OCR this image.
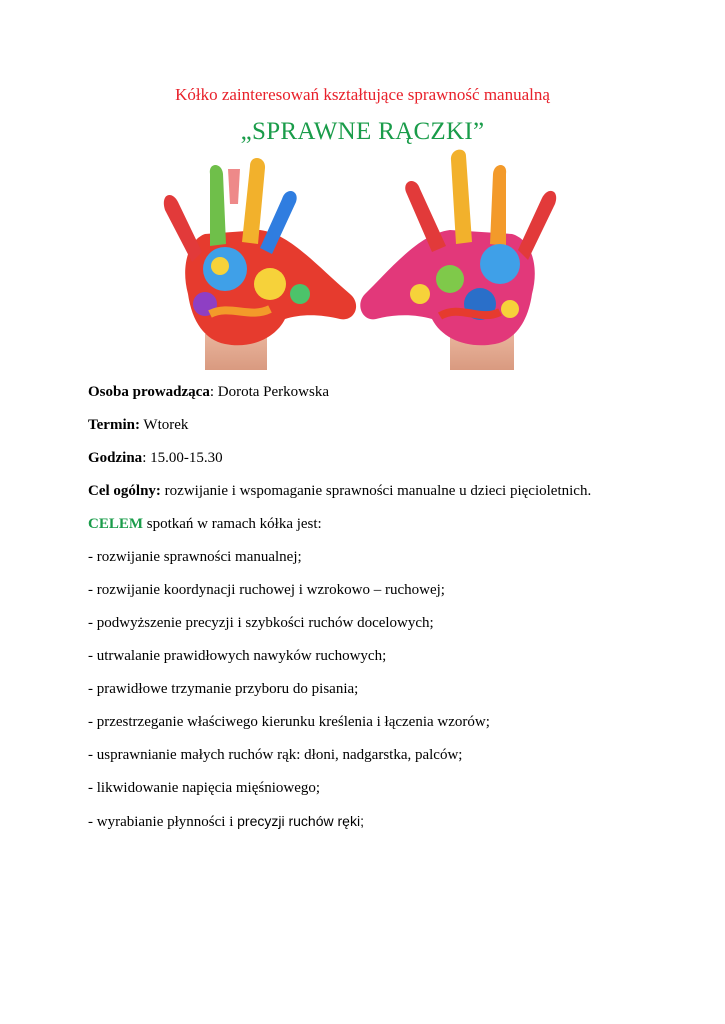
Kółko zainteresowań kształtujące sprawność manualną
„SPRAWNE RĄCZKI”
Osoba prowadząca: Dorota Perkowska
Termin: Wtorek
Godzina: 15.00-15.30
Cel ogólny: rozwijanie i wspomaganie sprawności manualne u dzieci pięcioletnich.
CELEM spotkań w ramach kółka jest:
- rozwijanie sprawności manualnej;
- rozwijanie koordynacji ruchowej i wzrokowo – ruchowej;
- podwyższenie precyzji i szybkości ruchów docelowych;
- utrwalanie prawidłowych nawyków ruchowych;
- prawidłowe trzymanie przyboru do pisania;
- przestrzeganie właściwego kierunku kreślenia i łączenia wzorów;
- usprawnianie małych ruchów rąk: dłoni, nadgarstka, palców;
- likwidowanie napięcia mięśniowego;
- wyrabianie płynności i precyzji ruchów ręki;
